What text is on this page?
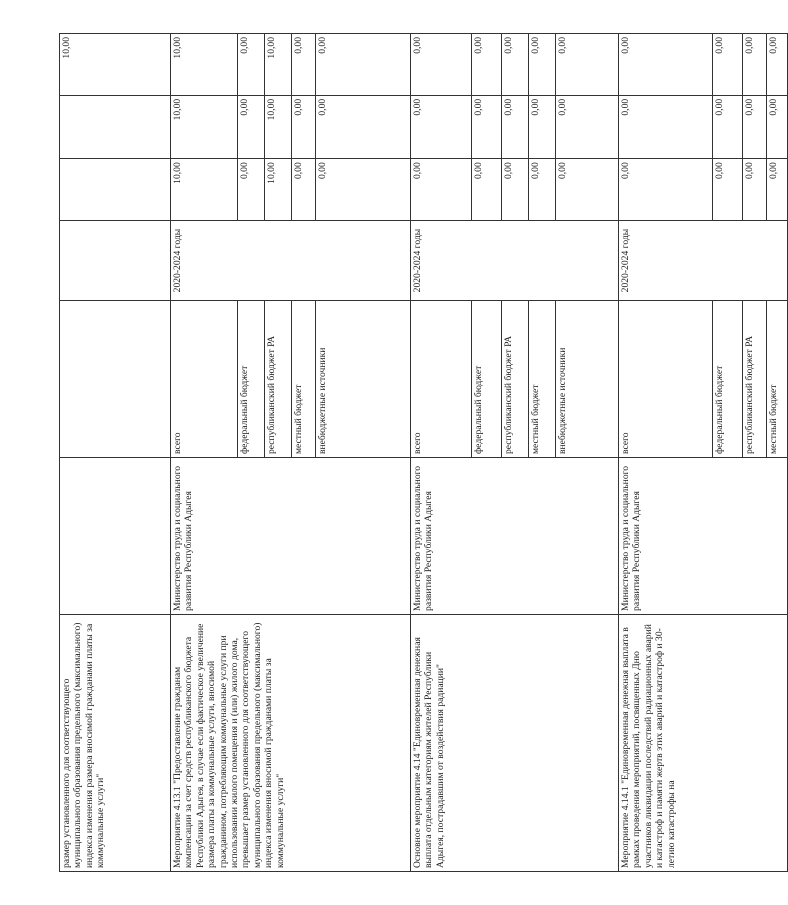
размер установленного для соответствующего муниципального образования предельного (максимального) индекса изменения размера вносимой гражданами платы за коммунальные услуги"						10,00
Мероприятие 4.13.1 "Предоставление гражданам компенсации за счет средств республиканского бюджета Республики Адыгея, в случае если фактическое увеличение размера платы за коммунальные услуги, вносимой гражданином, потребляющим коммунальные услуги при использовании жилого помещения и (или) жилого дома, превышает размер установленного для соответствующего муниципального образования предельного (максимального) индекса изменения вносимой гражданами платы за коммунальные услуги"	Министерство труда и социального развития Республики Адыгея	всего	2020-2024 годы	10,00	10,00	10,00
		федеральный бюджет		0,00	0,00	0,00
		республиканский бюджет РА		10,00	10,00	10,00
		местный бюджет		0,00	0,00	0,00
		внебюджетные источники		0,00	0,00	0,00
Основное мероприятие 4.14 "Единовременная денежная выплата отдельным категориям жителей Республики Адыгея, пострадавшим от воздействия радиации"	Министерство труда и социального развития Республики Адыгея	всего	2020-2024 годы	0,00	0,00	0,00
		федеральный бюджет		0,00	0,00	0,00
		республиканский бюджет РА		0,00	0,00	0,00
		местный бюджет		0,00	0,00	0,00
		внебюджетные источники		0,00	0,00	0,00
Мероприятие 4.14.1 "Единовременная денежная выплата в рамках проведения мероприятий, посвященных Дню участников ликвидации последствий радиационных аварий и катастроф и памяти жертв этих аварий и катастроф и 30-летию катастрофы на	Министерство труда и социального развития Республики Адыгея	всего	2020-2024 годы	0,00	0,00	0,00
		федеральный бюджет		0,00	0,00	0,00
		республиканский бюджет РА		0,00	0,00	0,00
		местный бюджет		0,00	0,00	0,00
